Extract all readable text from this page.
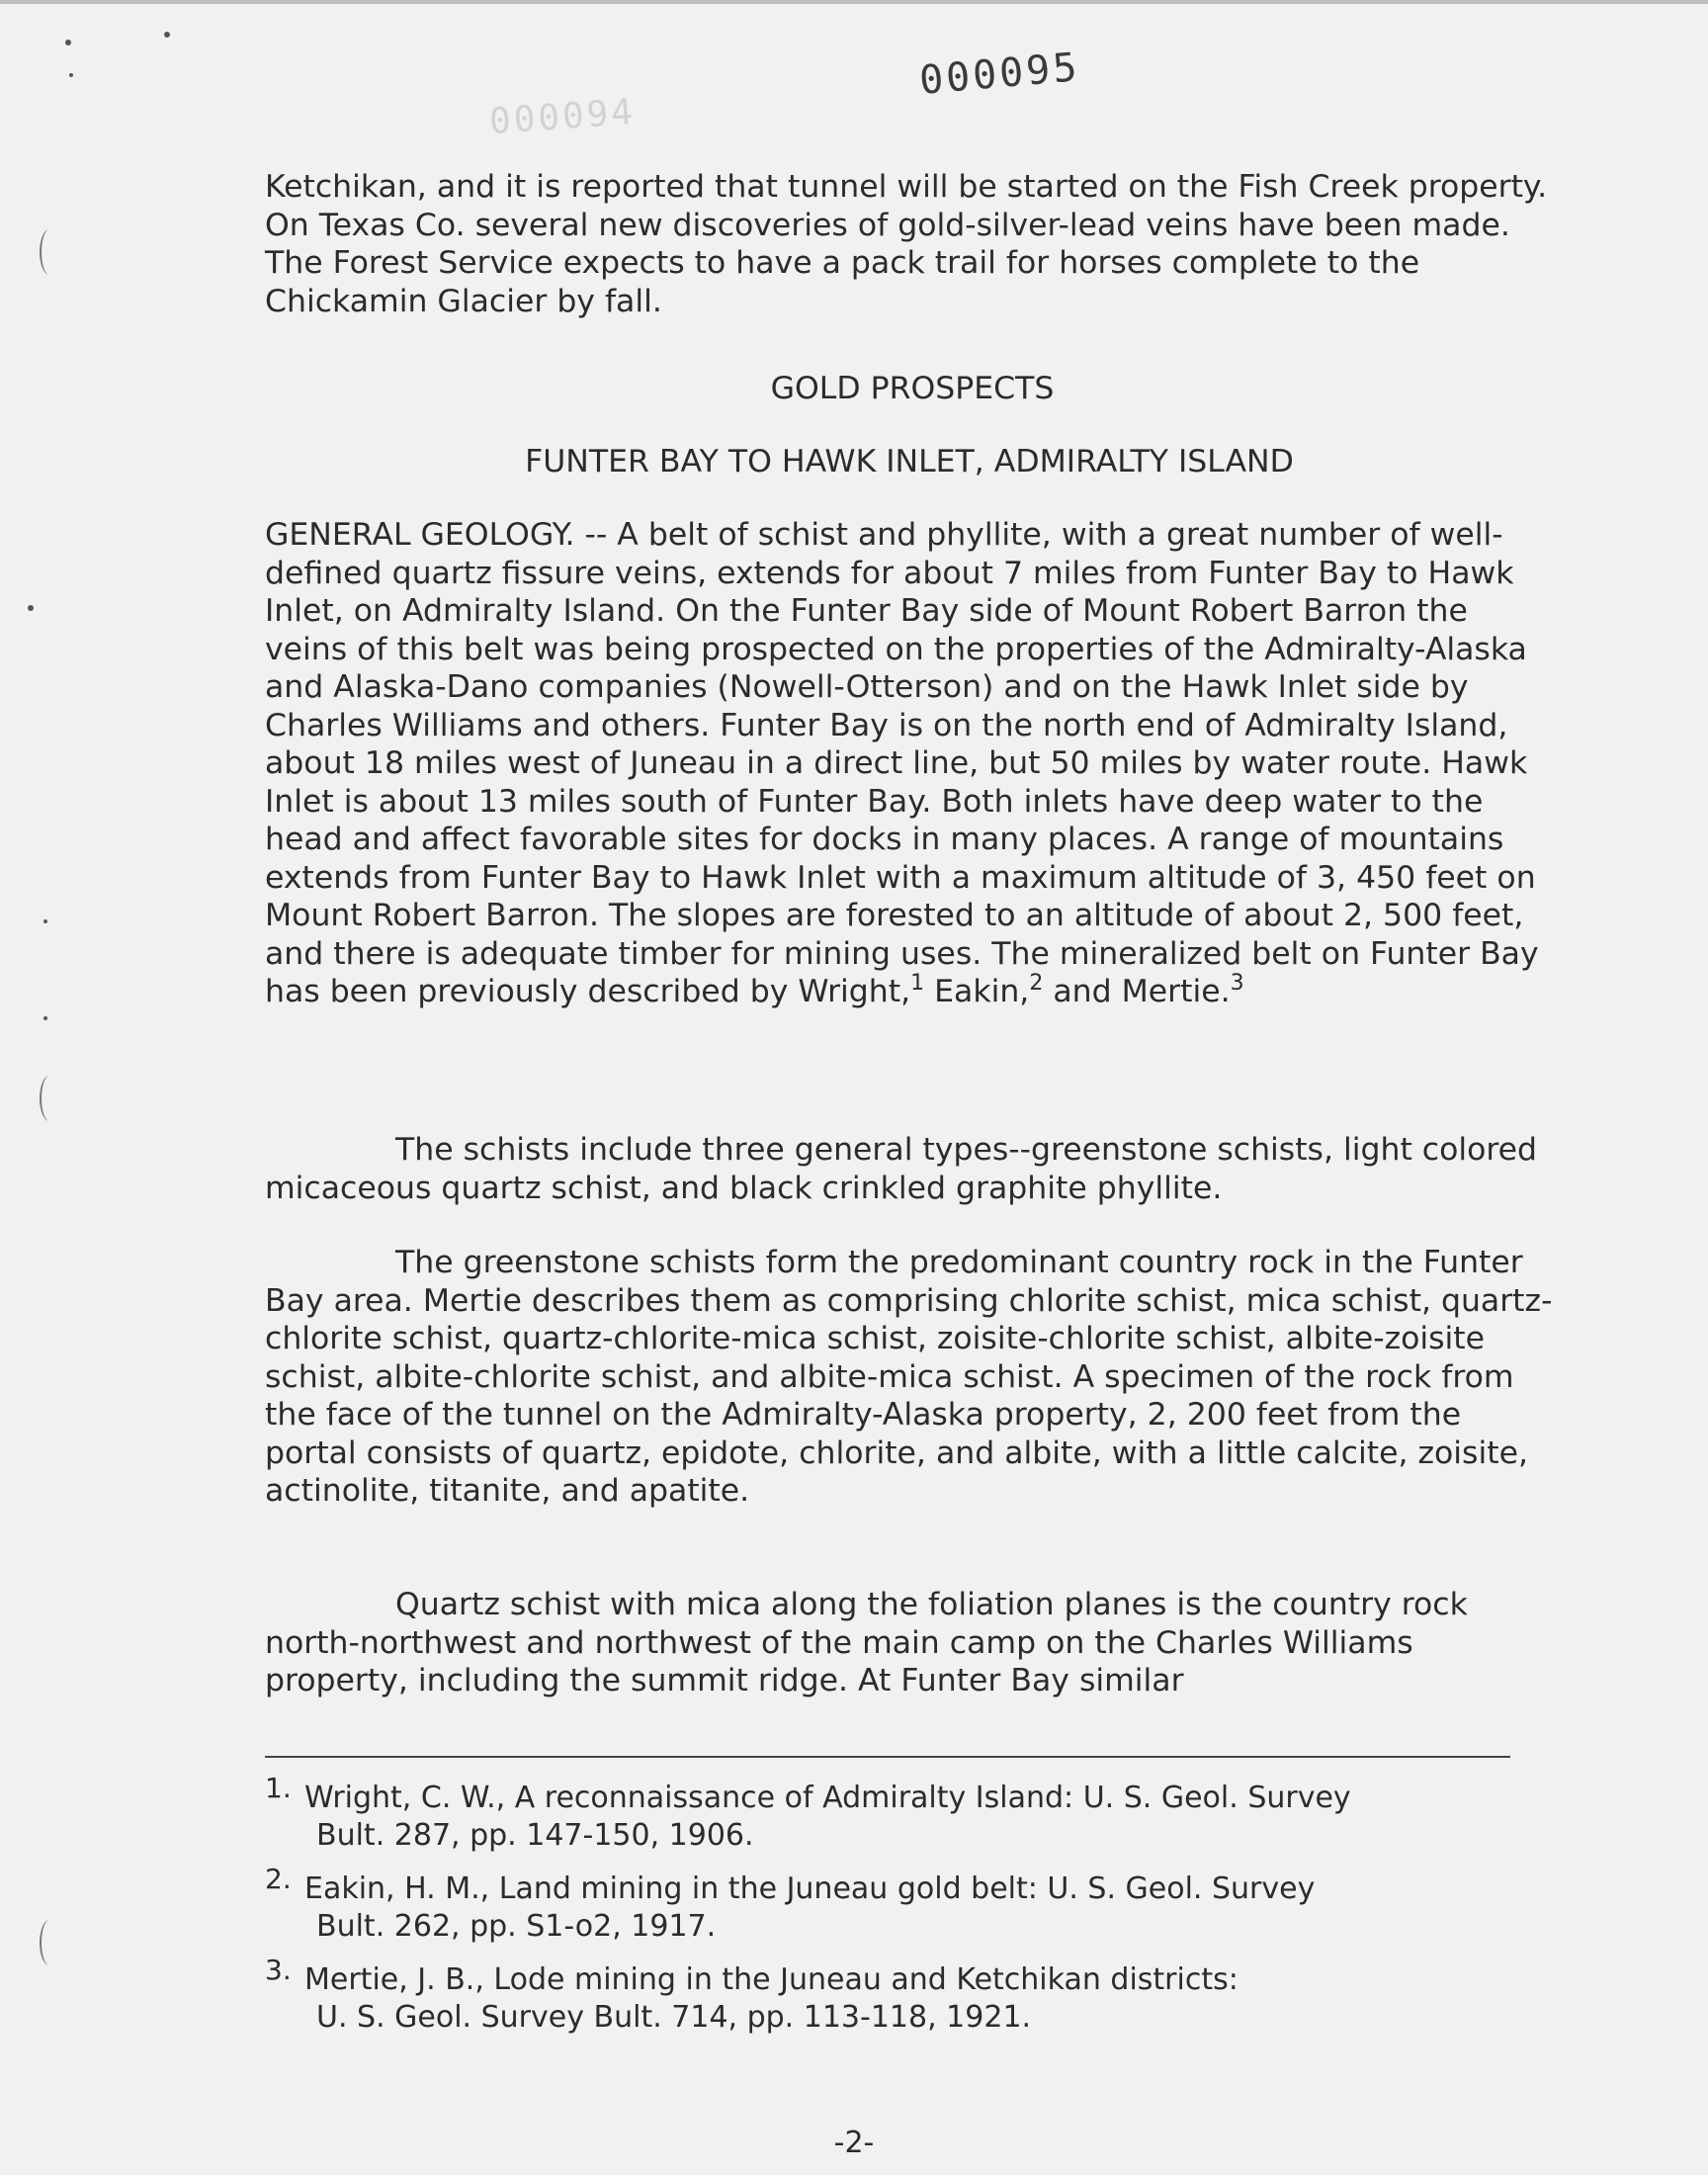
000094
000095

Ketchikan, and it is reported that tunnel will be started on the Fish Creek property. On Texas Co. several new discoveries of gold-silver-lead veins have been made. The Forest Service expects to have a pack trail for horses complete to the Chickamin Glacier by fall.

GOLD PROSPECTS

FUNTER BAY TO HAWK INLET, ADMIRALTY ISLAND

GENERAL GEOLOGY. -- A belt of schist and phyllite, with a great number of well-defined quartz fissure veins, extends for about 7 miles from Funter Bay to Hawk Inlet, on Admiralty Island. On the Funter Bay side of Mount Robert Barron the veins of this belt was being prospected on the properties of the Admiralty-Alaska and Alaska-Dano companies (Nowell-Otterson) and on the Hawk Inlet side by Charles Williams and others. Funter Bay is on the north end of Admiralty Island, about 18 miles west of Juneau in a direct line, but 50 miles by water route. Hawk Inlet is about 13 miles south of Funter Bay. Both inlets have deep water to the head and affect favorable sites for docks in many places. A range of mountains extends from Funter Bay to Hawk Inlet with a maximum altitude of 3, 450 feet on Mount Robert Barron. The slopes are forested to an altitude of about 2, 500 feet, and there is adequate timber for mining uses. The mineralized belt on Funter Bay has been previously described by Wright,$^1$ Eakin,$^2$ and Mertie.$^3$

The schists include three general types--greenstone schists, light colored micaceous quartz schist, and black crinkled graphite phyllite.

The greenstone schists form the predominant country rock in the Funter Bay area. Mertie describes them as comprising chlorite schist, mica schist, quartz-chlorite schist, quartz-chlorite-mica schist, zoisite-chlorite schist, albite-zoisite schist, albite-chlorite schist, and albite-mica schist. A specimen of the rock from the face of the tunnel on the Admiralty-Alaska property, 2, 200 feet from the portal consists of quartz, epidote, chlorite, and albite, with a little calcite, zoisite, actinolite, titanite, and apatite.

Quartz schist with mica along the foliation planes is the country rock north-northwest and northwest of the main camp on the Charles Williams property, including the summit ridge. At Funter Bay similar

1. Wright, C. W., A reconnaissance of Admiralty Island: U. S. Geol. Survey
Bult. 287, pp. 147-150, 1906.
2. Eakin, H. M., Land mining in the Juneau gold belt: U. S. Geol. Survey
Bult. 262, pp. S1-o2, 1917.
3. Mertie, J. B., Lode mining in the Juneau and Ketchikan districts:
U. S. Geol. Survey Bult. 714, pp. 113-118, 1921.
-2-
